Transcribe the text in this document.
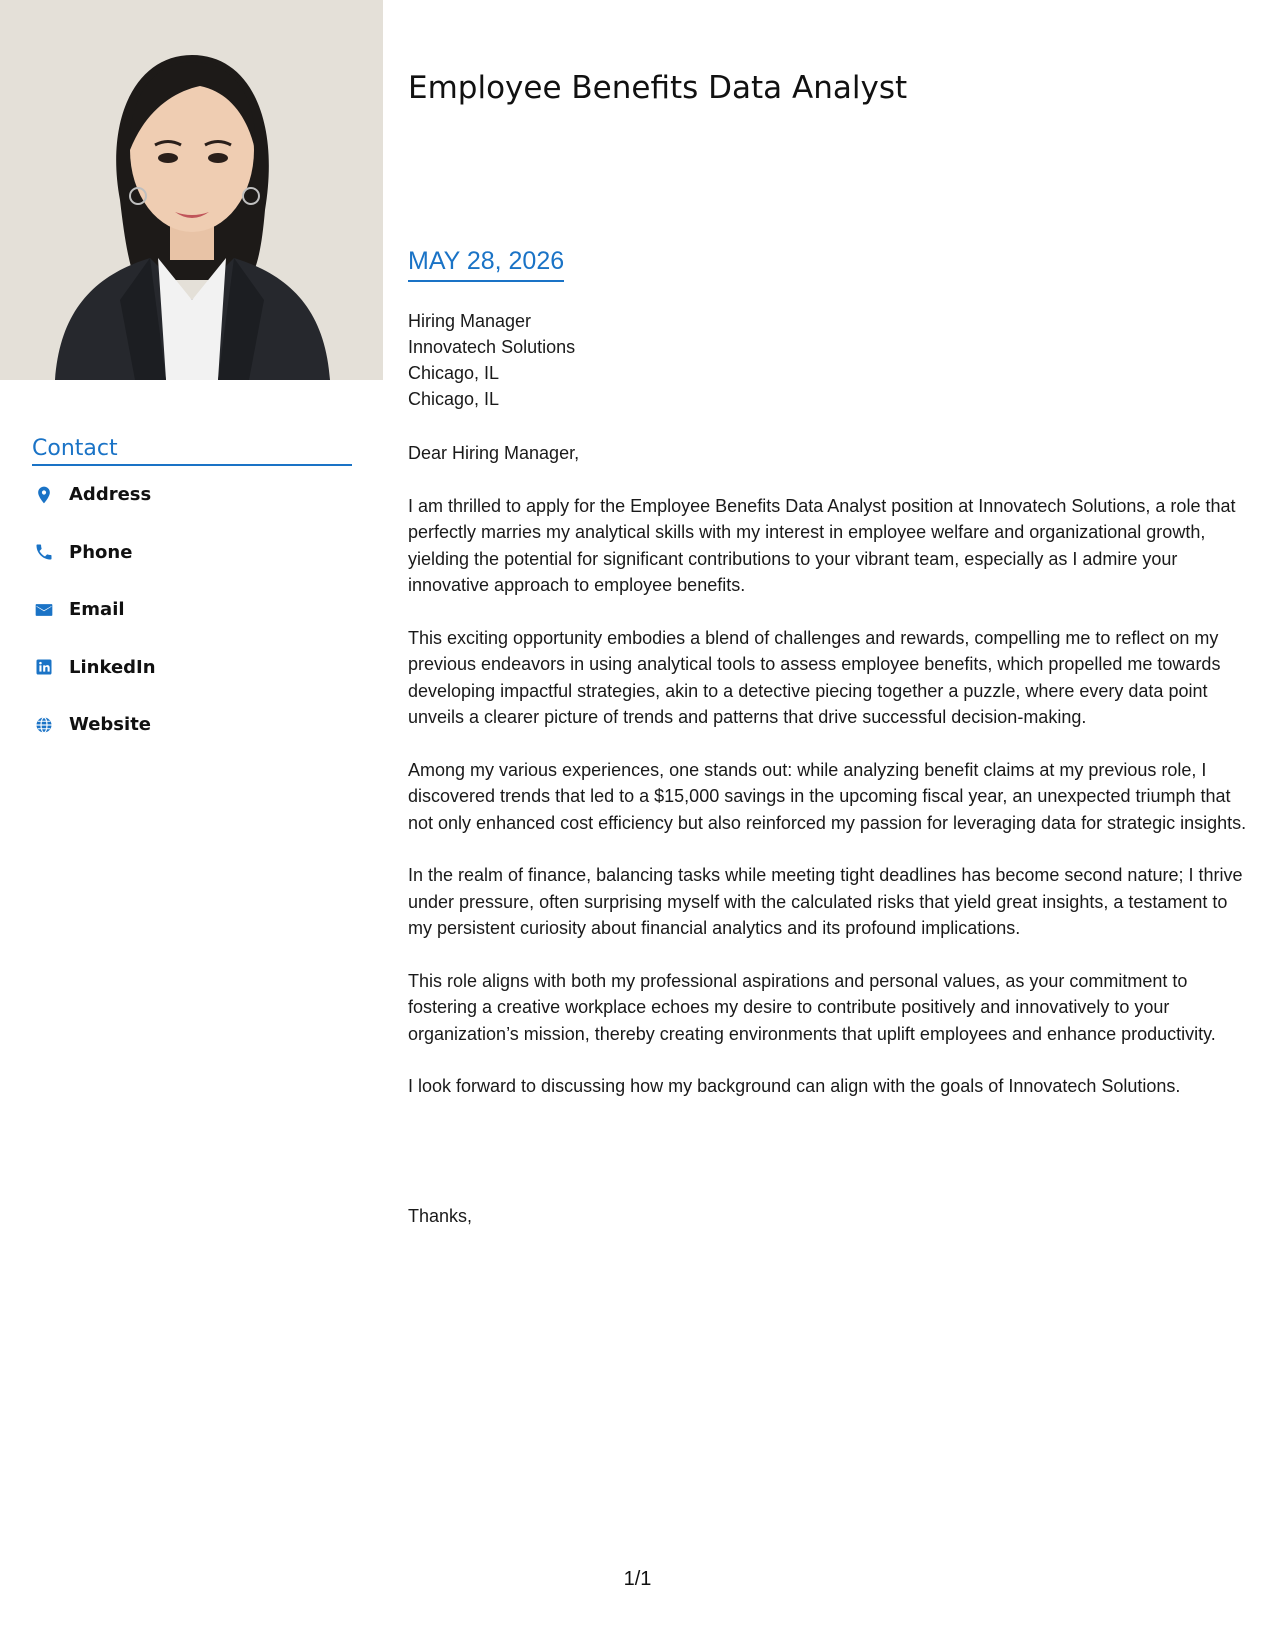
Contact
Address
Phone
Email
LinkedIn
Website
Employee Benefits Data Analyst
MAY 28, 2026
Hiring Manager
Innovatech Solutions
Chicago, IL
Chicago, IL

Dear Hiring Manager,

I am thrilled to apply for the Employee Benefits Data Analyst position at Innovatech Solutions, a role that perfectly marries my analytical skills with my interest in employee welfare and organizational growth, yielding the potential for significant contributions to your vibrant team, especially as I admire your innovative approach to employee benefits.

This exciting opportunity embodies a blend of challenges and rewards, compelling me to reflect on my previous endeavors in using analytical tools to assess employee benefits, which propelled me towards developing impactful strategies, akin to a detective piecing together a puzzle, where every data point unveils a clearer picture of trends and patterns that drive successful decision-making.

Among my various experiences, one stands out: while analyzing benefit claims at my previous role, I discovered trends that led to a $15,000 savings in the upcoming fiscal year, an unexpected triumph that not only enhanced cost efficiency but also reinforced my passion for leveraging data for strategic insights.

In the realm of finance, balancing tasks while meeting tight deadlines has become second nature; I thrive under pressure, often surprising myself with the calculated risks that yield great insights, a testament to my persistent curiosity about financial analytics and its profound implications.

This role aligns with both my professional aspirations and personal values, as your commitment to fostering a creative workplace echoes my desire to contribute positively and innovatively to your organization’s mission, thereby creating environments that uplift employees and enhance productivity.

I look forward to discussing how my background can align with the goals of Innovatech Solutions.

Thanks,
1/1
